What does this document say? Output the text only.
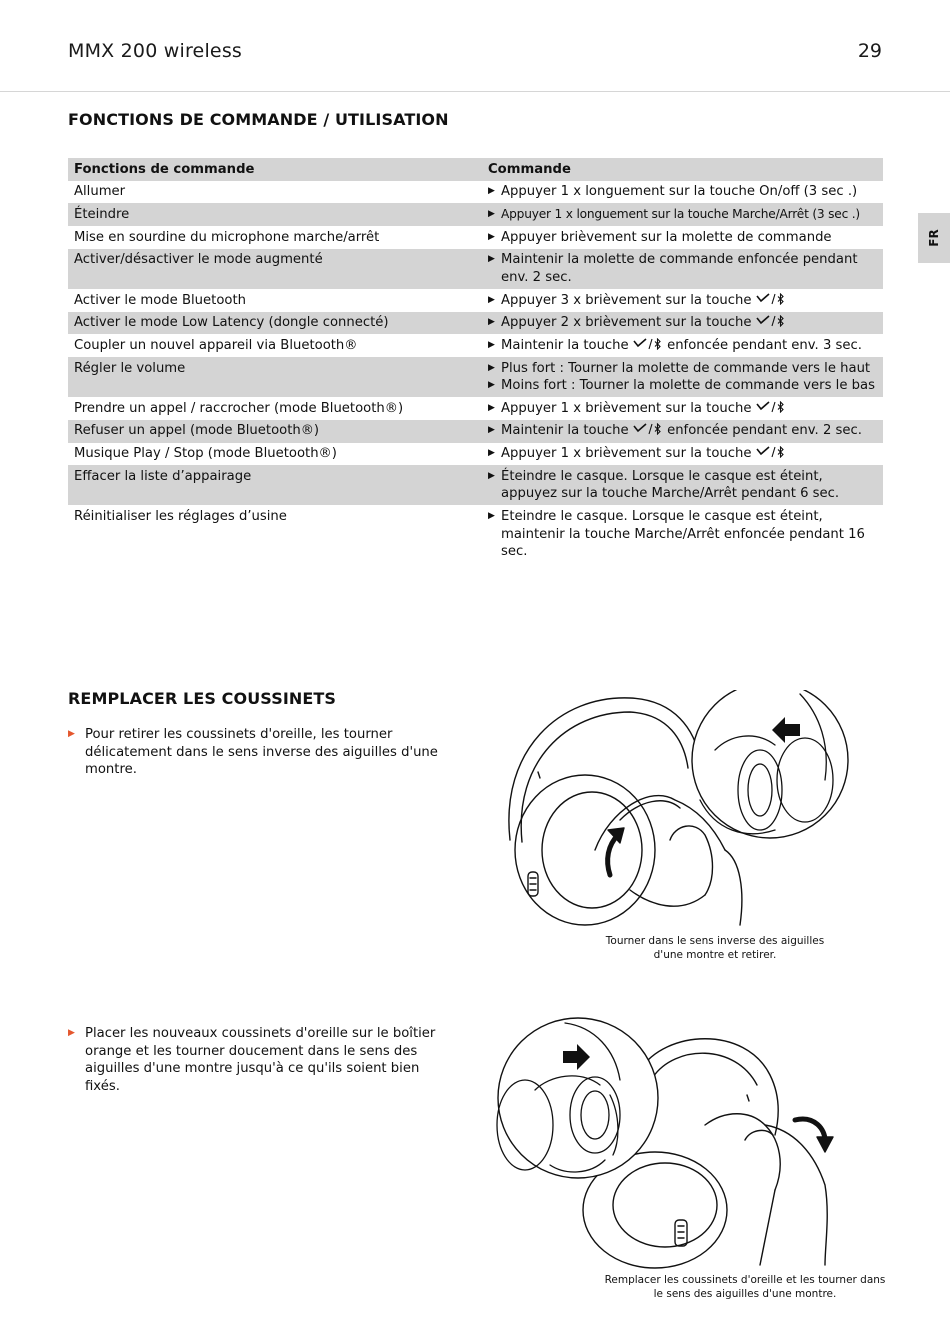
MMX 200 wireless	29
FR
FONCTIONS DE COMMANDE / UTILISATION
Fonctions de commande	Commande
Allumer	▶ Appuyer 1 x longuement sur la touche On/off (3 sec .)

Éteindre	▶ Appuyer 1 x longuement sur la touche Marche/Arrêt (3 sec .)

Mise en sourdine du microphone marche/arrêt	▶ Appuyer brièvement sur la molette de commande

Activer/désactiver le mode augmenté	▶ Maintenir la molette de commande enfoncée pendant env. 2 sec.

Activer le mode Bluetooth	▶ Appuyer 3 x brièvement sur la touche

Activer le mode Low Latency (dongle connecté)	▶ Appuyer 2 x brièvement sur la touche

Coupler un nouvel appareil via Bluetooth®	▶ Maintenir la touche enfoncée pendant env. 3 sec.

Régler le volume	▶ Plus fort : Tourner la molette de commande vers le haut
▶ Moins fort : Tourner la molette de commande vers le bas

Prendre un appel / raccrocher (mode Bluetooth®)	▶ Appuyer 1 x brièvement sur la touche

Refuser un appel (mode Bluetooth®)	▶ Maintenir la touche enfoncée pendant env. 2 sec.

Musique Play / Stop (mode Bluetooth®)	▶ Appuyer 1 x brièvement sur la touche

Effacer la liste d’appairage	▶ Éteindre le casque. Lorsque le casque est éteint, appuyez sur la touche Marche/Arrêt pendant 6 sec.

Réinitialiser les réglages d’usine	▶ Eteindre le casque. Lorsque le casque est éteint, maintenir la touche Marche/Arrêt enfoncée pendant 16 sec.
REMPLACER LES COUSSINETS
▶ Pour retirer les coussinets d'oreille, les tourner délicatement dans le sens inverse des aiguilles d'une montre.
Tourner dans le sens inverse des aiguilles d'une montre et retirer.
▶ Placer les nouveaux coussinets d'oreille sur le boîtier orange et les tourner doucement dans le sens des aiguilles d'une montre jusqu'à ce qu'ils soient bien fixés.
Remplacer les coussinets d'oreille et les tourner dans le sens des aiguilles d'une montre.
